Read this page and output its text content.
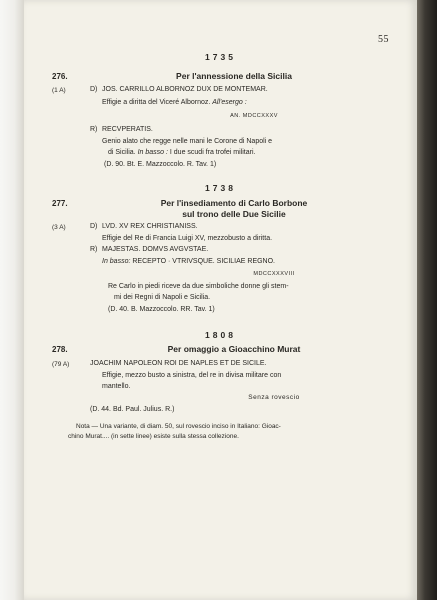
55
1735
276.	Per l'annessione della Sicilia
(1 A)	D) JOS. CARRILLO ALBORNOZ DUX DE MONTEMAR.
Effigie a diritta del Viceré Albornoz. All'esergo :
AN. MDCCXXXV
R) RECVPERATIS.
Genio alato che regge nelle mani le Corone di Napoli e
di Sicilia. In basso : I due scudi fra trofei militari.
(D. 90. Bt. E. Mazzoccolo. R. Tav. 1)
1738
277.	Per l'insediamento di Carlo Borbone
sul trono delle Due Sicilie
(3 A)	D) LVD. XV REX CHRISTIANISS.
Effigie del Re di Francia Luigi XV, mezzobusto a diritta.
R) MAJESTAS. DOMVS AVGVSTAE.
In basso: RECEPTO · VTRIVSQUE. SICILIAE REGNO.
MDCCXXXVIII
Re Carlo in piedi riceve da due simboliche donne gli stem-
mi dei Regni di Napoli e Sicilia.
(D. 40. B. Mazzoccolo. RR. Tav. 1)
1808
278.	Per omaggio a Gioacchino Murat
(79 A)	JOACHIM NAPOLEON ROI DE NAPLES ET DE SICILE.
Effigie, mezzo busto a sinistra, del re in divisa militare con
mantello.
Senza rovescio
(D. 44. Bd. Paul. Julius. R.)
Nota — Una variante, di diam. 50, sul rovescio inciso in Italiano: Gioac-
chino Murat.... (in sette linee) esiste sulla stessa collezione.
